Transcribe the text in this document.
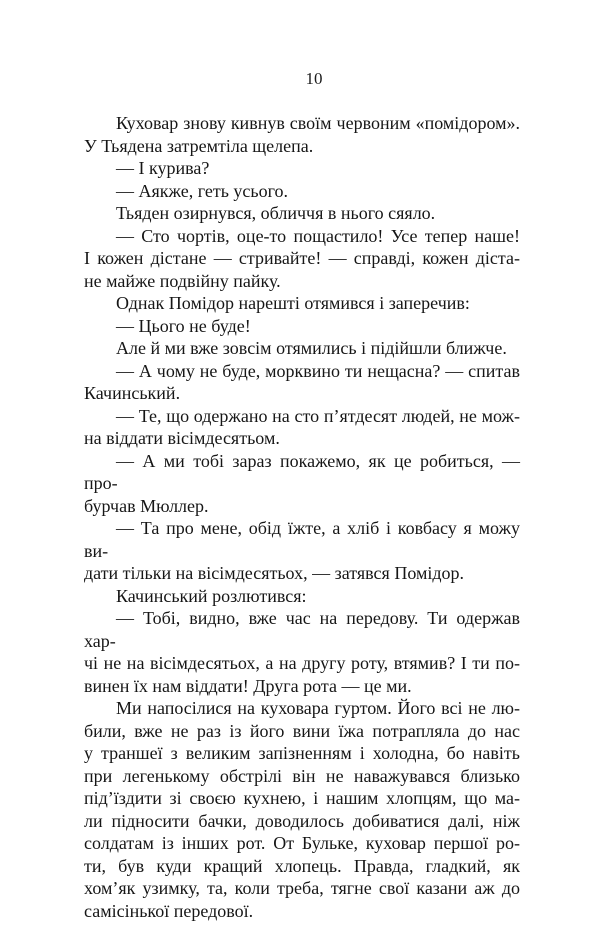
10
Куховар знову кивнув своїм червоним «помідором».
У Тьядена затремтіла щелепа.
— І курива?
— Аякже, геть усього.
Тьяден озирнувся, обличчя в нього сяяло.
— Сто чортів, оце-то пощастило! Усе тепер наше!
І кожен дістане — стривайте! — справді, кожен діста-
не майже подвійну пайку.
Однак Помідор нарешті отямився і заперечив:
— Цього не буде!
Але й ми вже зовсім отямились і підійшли ближче.
— А чому не буде, морквино ти нещасна? — спитав
Качинський.
— Те, що одержано на сто п’ятдесят людей, не мож-
на віддати вісімдесятьом.
— А ми тобі зараз покажемо, як це робиться, — про-
бурчав Мюллер.
— Та про мене, обід їжте, а хліб і ковбасу я можу ви-
дати тільки на вісімдесятьох, — затявся Помідор.
Качинський розлютився:
— Тобі, видно, вже час на передову. Ти одержав хар-
чі не на вісімдесятьох, а на другу роту, втямив? І ти по-
винен їх нам віддати! Друга рота — це ми.
Ми напосілися на куховара гуртом. Його всі не лю-
били, вже не раз із його вини їжа потрапляла до нас
у траншеї з великим запізненням і холодна, бо навіть
при легенькому обстрілі він не наважувався близько
під’їздити зі своєю кухнею, і нашим хлопцям, що ма-
ли підносити бачки, доводилось добиватися далі, ніж
солдатам із інших рот. От Бульке, куховар першої ро-
ти, був куди кращий хлопець. Правда, гладкий, як
хом’як узимку, та, коли треба, тягне свої казани аж до
самісінької передової.
